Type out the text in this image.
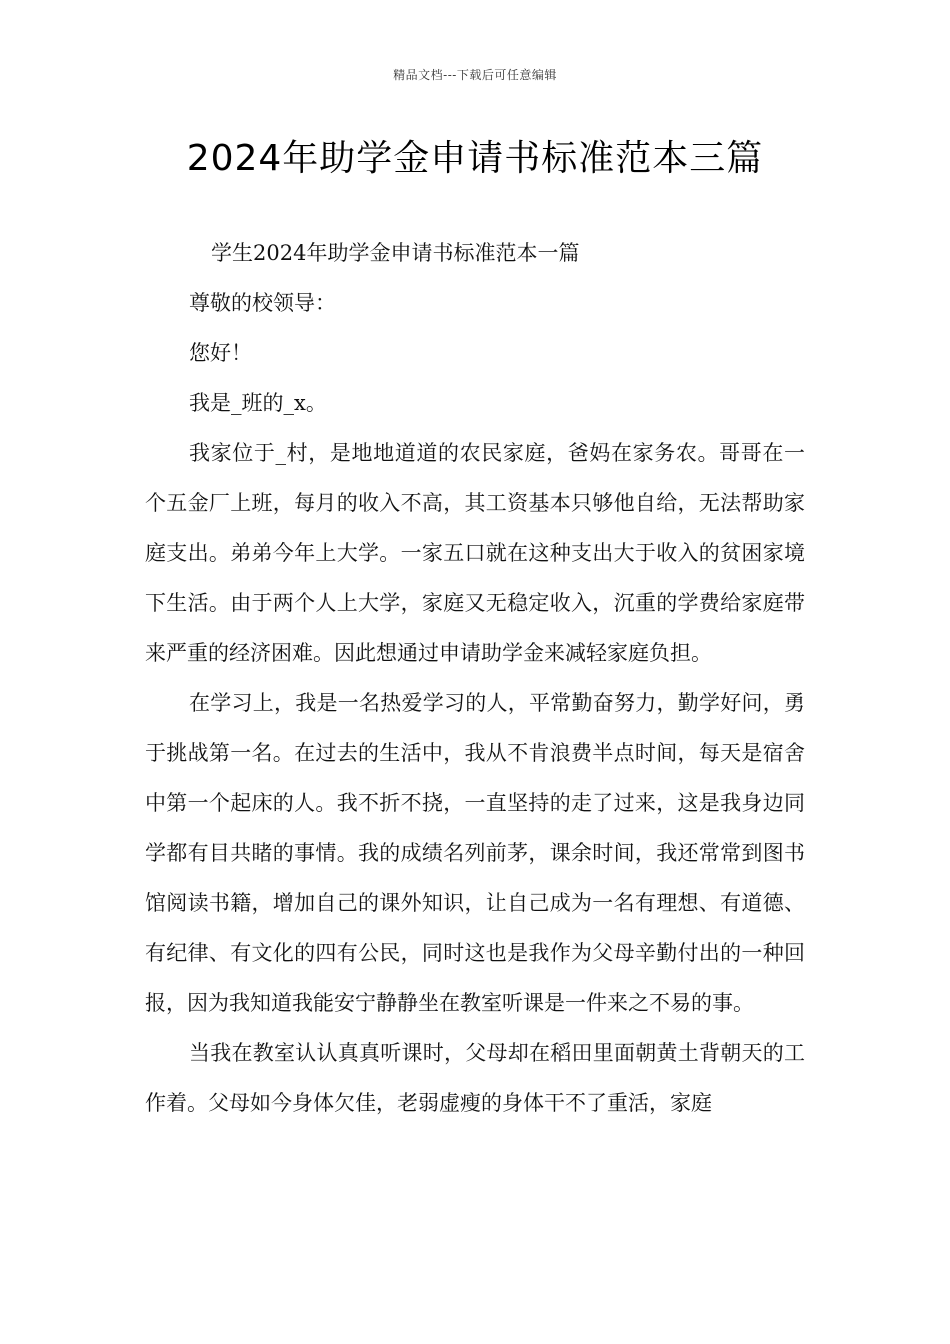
精品文档---下载后可任意编辑
2024年助学金申请书标准范本三篇

学生2024年助学金申请书标准范本一篇

尊敬的校领导：

您好！

我是_班的_x。

我家位于_村，是地地道道的农民家庭，爸妈在家务农。哥哥在一个五金厂上班，每月的收入不高，其工资基本只够他自给，无法帮助家庭支出。弟弟今年上大学。一家五口就在这种支出大于收入的贫困家境下生活。由于两个人上大学，家庭又无稳定收入，沉重的学费给家庭带来严重的经济困难。因此想通过申请助学金来减轻家庭负担。

在学习上，我是一名热爱学习的人，平常勤奋努力，勤学好问，勇于挑战第一名。在过去的生活中，我从不肯浪费半点时间，每天是宿舍中第一个起床的人。我不折不挠，一直坚持的走了过来，这是我身边同学都有目共睹的事情。我的成绩名列前茅，课余时间，我还常常到图书馆阅读书籍，增加自己的课外知识，让自己成为一名有理想、有道德、有纪律、有文化的四有公民，同时这也是我作为父母辛勤付出的一种回报，因为我知道我能安宁静静坐在教室听课是一件来之不易的事。

当我在教室认认真真听课时，父母却在稻田里面朝黄土背朝天的工作着。父母如今身体欠佳，老弱虚瘦的身体干不了重活，家庭
